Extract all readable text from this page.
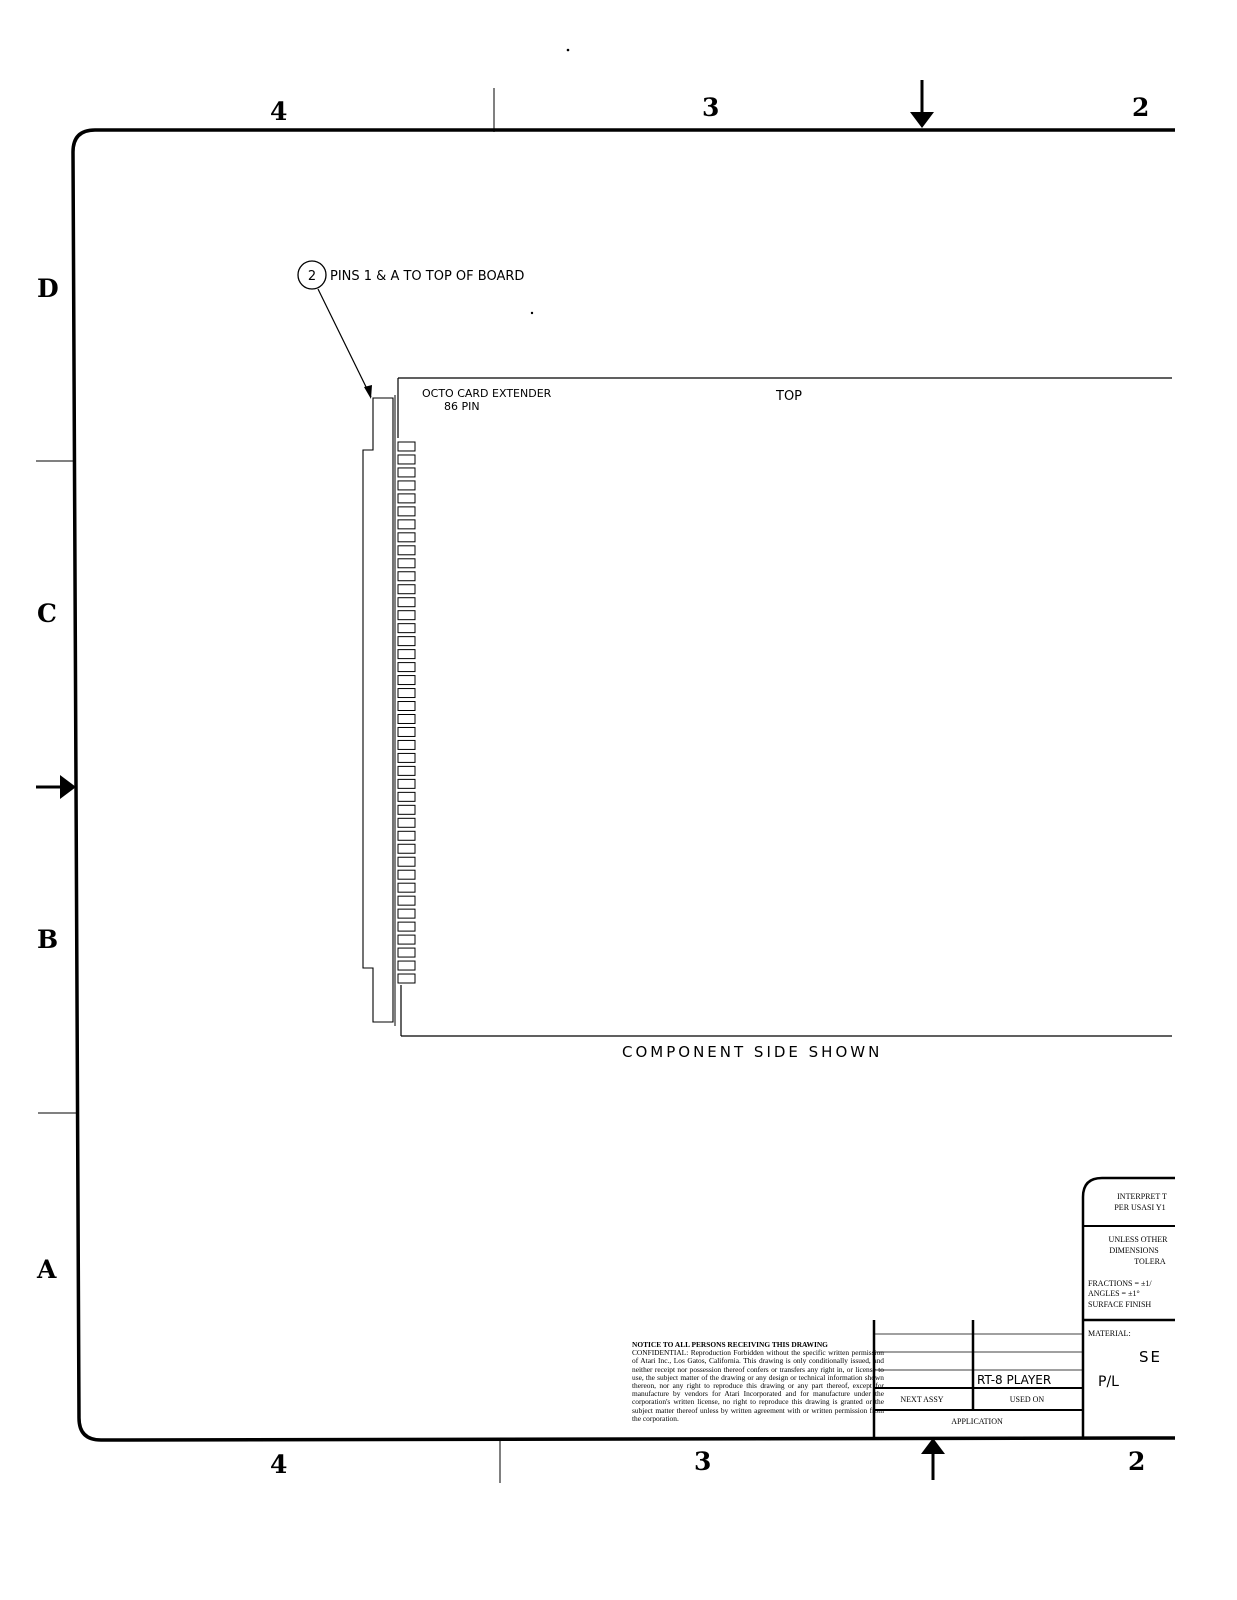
4	3	2
4	3	2
D
C
B
A
2 PINS 1 & A TO TOP OF BOARD
OCTO CARD EXTENDER
86 PIN
TOP
COMPONENT SIDE SHOWN
RT-8 PLAYER
NEXT ASSY	USED ON
APPLICATION
INTERPRET T
PER USASI Y1
UNLESS OTHER
DIMENSIONS
TOLERA
FRACTIONS = ±1/
ANGLES = ±1°
SURFACE FINISH
MATERIAL:
SE
P/L
NOTICE TO ALL PERSONS RECEIVING THIS DRAWING
CONFIDENTIAL: Reproduction Forbidden without the specific written permission of Atari Inc., Los Gatos, California. This drawing is only conditionally issued, and neither receipt nor possession thereof confers or transfers any right in, or license to use, the subject matter of the drawing or any design or technical information shown thereon, nor any right to reproduce this drawing or any part thereof, except for manufacture by vendors for Atari Incorporated and for manufacture under the corporation's written license, no right to reproduce this drawing is granted or the subject matter thereof unless by written agreement with or written permission from the corporation.
